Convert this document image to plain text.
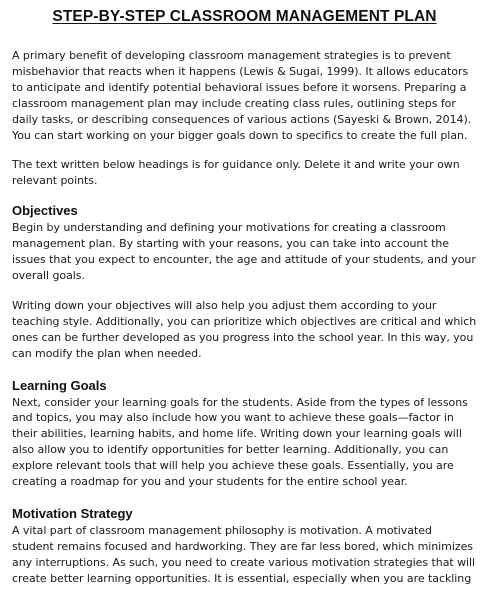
STEP-BY-STEP CLASSROOM MANAGEMENT PLAN

A primary benefit of developing classroom management strategies is to prevent misbehavior that reacts when it happens (Lewis & Sugai, 1999). It allows educators to anticipate and identify potential behavioral issues before it worsens. Preparing a classroom management plan may include creating class rules, outlining steps for daily tasks, or describing consequences of various actions (Sayeski & Brown, 2014). You can start working on your bigger goals down to specifics to create the full plan.

The text written below headings is for guidance only. Delete it and write your own relevant points.

Objectives

Begin by understanding and defining your motivations for creating a classroom management plan. By starting with your reasons, you can take into account the issues that you expect to encounter, the age and attitude of your students, and your overall goals.

Writing down your objectives will also help you adjust them according to your teaching style. Additionally, you can prioritize which objectives are critical and which ones can be further developed as you progress into the school year. In this way, you can modify the plan when needed.

Learning Goals

Next, consider your learning goals for the students. Aside from the types of lessons and topics, you may also include how you want to achieve these goals—factor in their abilities, learning habits, and home life. Writing down your learning goals will also allow you to identify opportunities for better learning. Additionally, you can explore relevant tools that will help you achieve these goals. Essentially, you are creating a roadmap for you and your students for the entire school year.

Motivation Strategy

A vital part of classroom management philosophy is motivation. A motivated student remains focused and hardworking. They are far less bored, which minimizes any interruptions. As such, you need to create various motivation strategies that will create better learning opportunities. It is essential, especially when you are tackling
